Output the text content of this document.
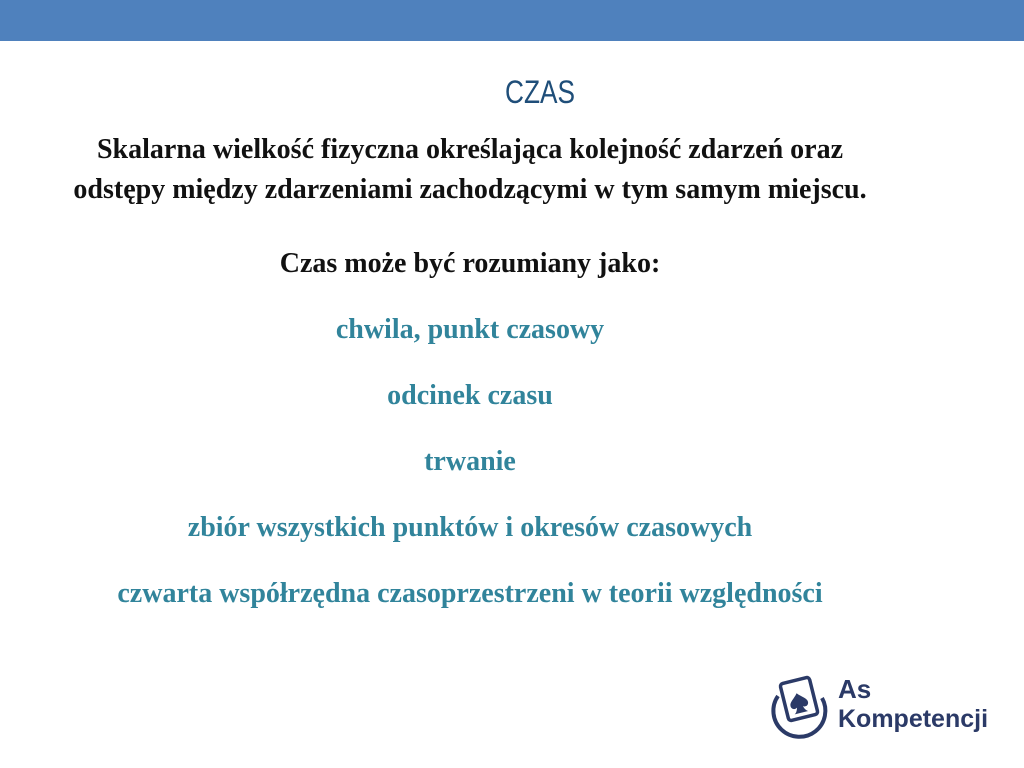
CZAS

Skalarna wielkość fizyczna określająca kolejność zdarzeń oraz odstępy między zdarzeniami zachodzącymi w tym samym miejscu.

Czas może być rozumiany jako:

chwila, punkt czasowy

odcinek czasu

trwanie

zbiór wszystkich punktów i okresów czasowych

czwarta współrzędna czasoprzestrzeni w teorii względności

As
Kompetencji
